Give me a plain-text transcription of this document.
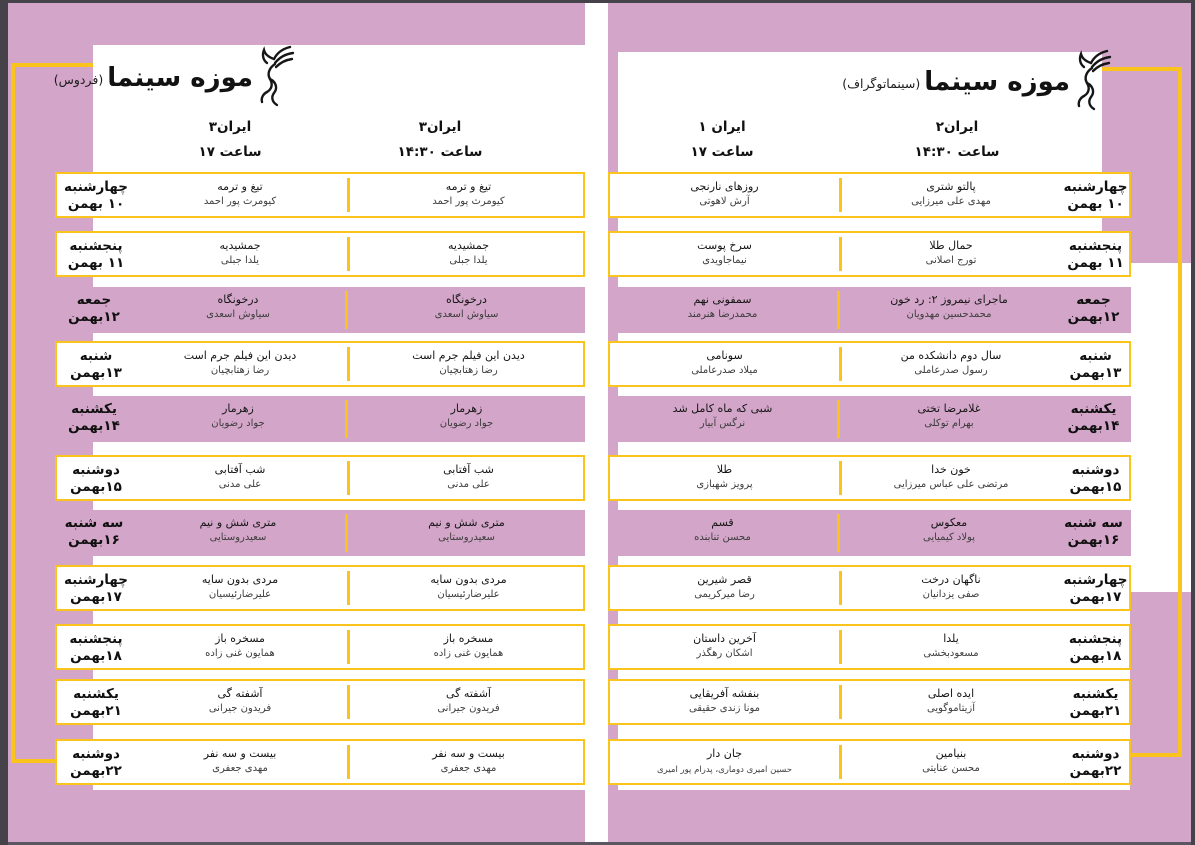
موزه سینما
(سینماتوگراف)
موزه سینما
(فردوس)
ایران۲
ساعت ۱۴:۳۰
ایران ۱
ساعت ۱۷
ایران۳
ساعت ۱۴:۳۰
ایران۳
ساعت ۱۷
چهارشنبه
۱۰ بهمن
پالتو شتری
مهدی علی میرزایی
روزهای نارنجی
آرش لاهوتی
پنجشنبه
۱۱ بهمن
حمال طلا
تورج اصلانی
سرخ پوست
نیماجاویدی
جمعه
۱۲بهمن
ماجرای نیمروز ۲: رد خون
محمدحسین مهدویان
سمفونی نهم
محمدرضا هنرمند
شنبه
۱۳بهمن
سال دوم دانشکده من
رسول صدرعاملی
سونامی
میلاد صدرعاملی
یکشنبه
۱۴بهمن
غلامرضا تختی
بهرام توکلی
شبی که ماه کامل شد
نرگس آبیار
دوشنبه
۱۵بهمن
خون خدا
مرتضی علی عباس میرزایی
طلا
پرویز شهبازی
سه شنبه
۱۶بهمن
معکوس
پولاد کیمیایی
قسم
محسن تنابنده
چهارشنبه
۱۷بهمن
ناگهان درخت
صفی یزدانیان
قصر شیرین
رضا میرکریمی
پنجشنبه
۱۸بهمن
یلدا
مسعودبخشی
آخرین داستان
اشکان رهگذر
یکشنبه
۲۱بهمن
ایده اصلی
آزیتاموگویی
بنفشه آفریقایی
مونا زندی حقیقی
دوشنبه
۲۲بهمن
بنیامین
محسن عنایتی
جان دار
حسین امیری دوماری، پدرام پور امیری
چهارشنبه
۱۰ بهمن
تیغ و ترمه
کیومرث پور احمد
تیغ و ترمه
کیومرث پور احمد
پنجشنبه
۱۱ بهمن
جمشیدیه
یلدا جبلی
جمشیدیه
یلدا جبلی
جمعه
۱۲بهمن
درخونگاه
سیاوش اسعدی
درخونگاه
سیاوش اسعدی
شنبه
۱۳بهمن
دیدن این فیلم جرم است
رضا زهتابچیان
دیدن این فیلم جرم است
رضا زهتابچیان
یکشنبه
۱۴بهمن
زهرمار
جواد رضویان
زهرمار
جواد رضویان
دوشنبه
۱۵بهمن
شب آفتابی
علی مدنی
شب آفتابی
علی مدنی
سه شنبه
۱۶بهمن
متری شش و نیم
سعیدروستایی
متری شش و نیم
سعیدروستایی
چهارشنبه
۱۷بهمن
مردی بدون سایه
علیرضارئیسیان
مردی بدون سایه
علیرضارئیسیان
پنجشنبه
۱۸بهمن
مسخره باز
همایون غنی زاده
مسخره باز
همایون غنی زاده
یکشنبه
۲۱بهمن
آشفته گی
فریدون جیرانی
آشفته گی
فریدون جیرانی
دوشنبه
۲۲بهمن
بیست و سه نفر
مهدی جعفری
بیست و سه نفر
مهدی جعفری
